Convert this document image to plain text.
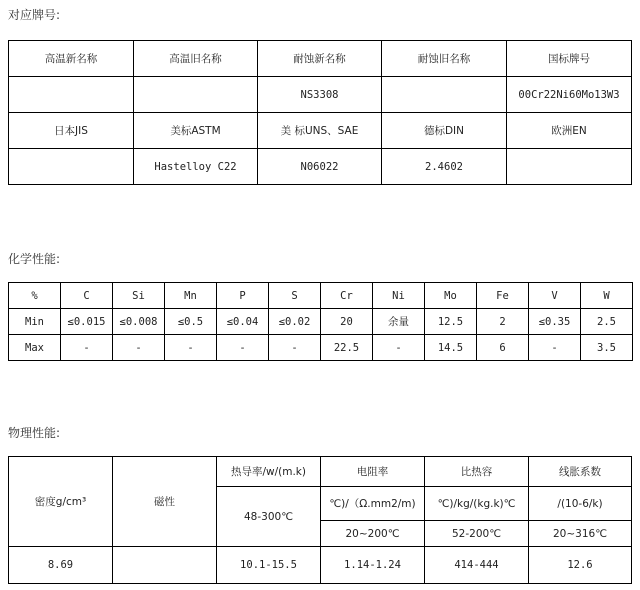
对应牌号:
高温新名称	高温旧名称	耐蚀新名称	耐蚀旧名称	国标牌号
		NS3308		00Cr22Ni60Mo13W3
日本JIS	美标ASTM	美 标UNS、SAE	德标DIN	欧洲EN
	Hastelloy C22	N06022	2.4602	
化学性能:
%	C	Si	Mn	P	S	Cr	Ni	Mo	Fe	V	W
Min	≤0.015	≤0.008	≤0.5	≤0.04	≤0.02	20	余量	12.5	2	≤0.35	2.5
Max	-	-	-	-	-	22.5	-	14.5	6	-	3.5
物理性能:
密度g/cm³	磁性	热导率/w/(m.k)	电阻率	比热容	线胀系数
		48-300℃	℃)/（Ω.mm2/m)	℃)/kg/(kg.k)℃	/(10-6/k)
			20~200℃	52-200℃	20~316℃
8.69		10.1-15.5	1.14-1.24	414-444	12.6
